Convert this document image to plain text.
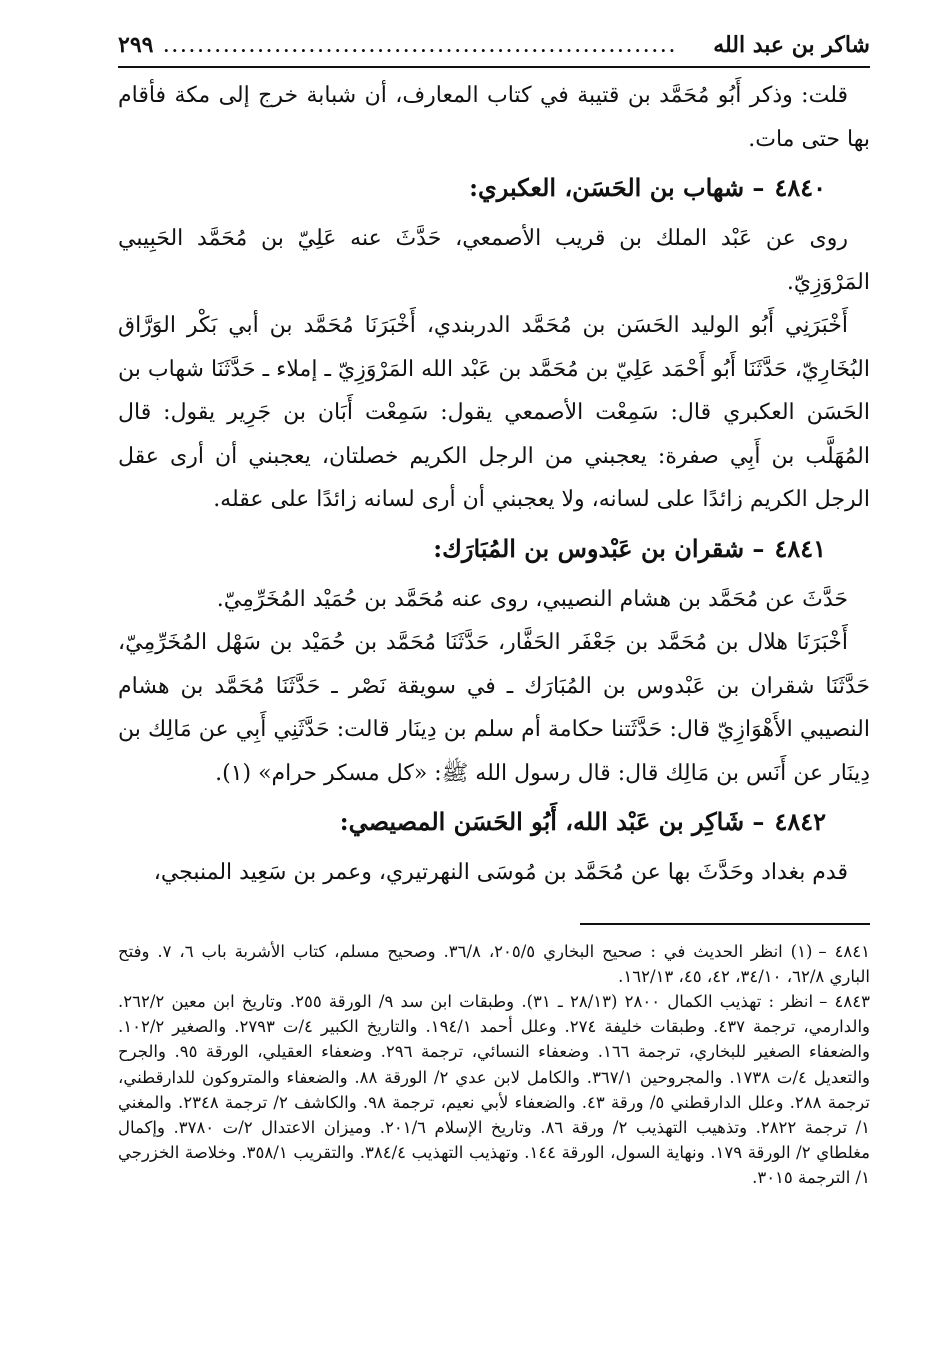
شاكر بن عبد الله
............................................................
٢٩٩

قلت: وذكر أَبُو مُحَمَّد بن قتيبة في كتاب المعارف، أن شبابة خرج إلى مكة فأقام بها حتى مات.

٤٨٤٠– شهاب بن الحَسَن، العكبري:

روى عن عَبْد الملك بن قريب الأصمعي، حَدَّثَ عنه عَلِيّ بن مُحَمَّد الحَبِيبي المَرْوَزِيّ.

أَخْبَرَنِي أَبُو الوليد الحَسَن بن مُحَمَّد الدربندي، أَخْبَرَنَا مُحَمَّد بن أبي بَكْر الوَرَّاق البُخَارِيّ، حَدَّثَنَا أَبُو أَحْمَد عَلِيّ بن مُحَمَّد بن عَبْد الله المَرْوَزِيّ ـ إملاء ـ حَدَّثَنَا شهاب بن الحَسَن العكبري قال: سَمِعْت الأصمعي يقول: سَمِعْت أَبَان بن جَرِير يقول: قال المُهَلَّب بن أَبِي صفرة: يعجبني من الرجل الكريم خصلتان، يعجبني أن أرى عقل الرجل الكريم زائدًا على لسانه، ولا يعجبني أن أرى لسانه زائدًا على عقله.

٤٨٤١– شقران بن عَبْدوس بن المُبَارَك:

حَدَّثَ عن مُحَمَّد بن هشام النصيبي، روى عنه مُحَمَّد بن حُمَيْد المُخَرِّمِيّ.

أَخْبَرَنَا هلال بن مُحَمَّد بن جَعْفَر الحَفَّار، حَدَّثَنَا مُحَمَّد بن حُمَيْد بن سَهْل المُخَرِّمِيّ، حَدَّثَنَا شقران بن عَبْدوس بن المُبَارَك ـ في سويقة نَصْر ـ حَدَّثَنَا مُحَمَّد بن هشام النصيبي الأَهْوَازِيّ قال: حَدَّثَتنا حكامة أم سلم بن دِينَار قالت: حَدَّثَنِي أَبِي عن مَالِك بن دِينَار عن أَنَس بن مَالِك قال: قال رسول الله ﷺ: «كل مسكر حرام» (١).

٤٨٤٢– شَاكِر بن عَبْد الله، أَبُو الحَسَن المصيصي:

قدم بغداد وحَدَّثَ بها عن مُحَمَّد بن مُوسَى النهرتيري، وعمر بن سَعِيد المنبجي،

٤٨٤١ –(١) انظر الحديث في : صحيح البخاري ٢٠٥/٥، ٣٦/٨. وصحيح مسلم، كتاب الأشربة باب ٦، ٧. وفتح الباري ٦٢/٨، ٣٤/١٠، ٤٢، ٤٥، ١٦٢/١٣.

٤٨٤٣ –انظر : تهذيب الكمال ٢٨٠٠ (٢٨/١٣ ـ ٣١). وطبقات ابن سد ٩/ الورقة ٢٥٥. وتاريخ ابن معين ٢٦٢/٢. والدارمي، ترجمة ٤٣٧. وطبقات خليفة ٢٧٤. وعلل أحمد ١٩٤/١. والتاريخ الكبير ٤/ت ٢٧٩٣. والصغير ١٠٢/٢. والضعفاء الصغير للبخاري، ترجمة ١٦٦. وضعفاء النسائي، ترجمة ٢٩٦. وضعفاء العقيلي، الورقة ٩٥. والجرح والتعديل ٤/ت ١٧٣٨. والمجروحين ٣٦٧/١. والكامل لابن عدي ٢/ الورقة ٨٨. والضعفاء والمتروكون للدارقطني، ترجمة ٢٨٨. وعلل الدارقطني ٥/ ورقة ٤٣. والضعفاء لأبي نعيم، ترجمة ٩٨. والكاشف ٢/ ترجمة ٢٣٤٨. والمغني ١/ ترجمة ٢٨٢٢. وتذهيب التهذيب ٢/ ورقة ٨٦. وتاريخ الإسلام ٢٠١/٦. وميزان الاعتدال ٢/ت ٣٧٨٠. وإكمال مغلطاي ٢/ الورقة ١٧٩. ونهاية السول، الورقة ١٤٤. وتهذيب التهذيب ٣٨٤/٤. والتقريب ٣٥٨/١. وخلاصة الخزرجي ١/ الترجمة ٣٠١٥.
